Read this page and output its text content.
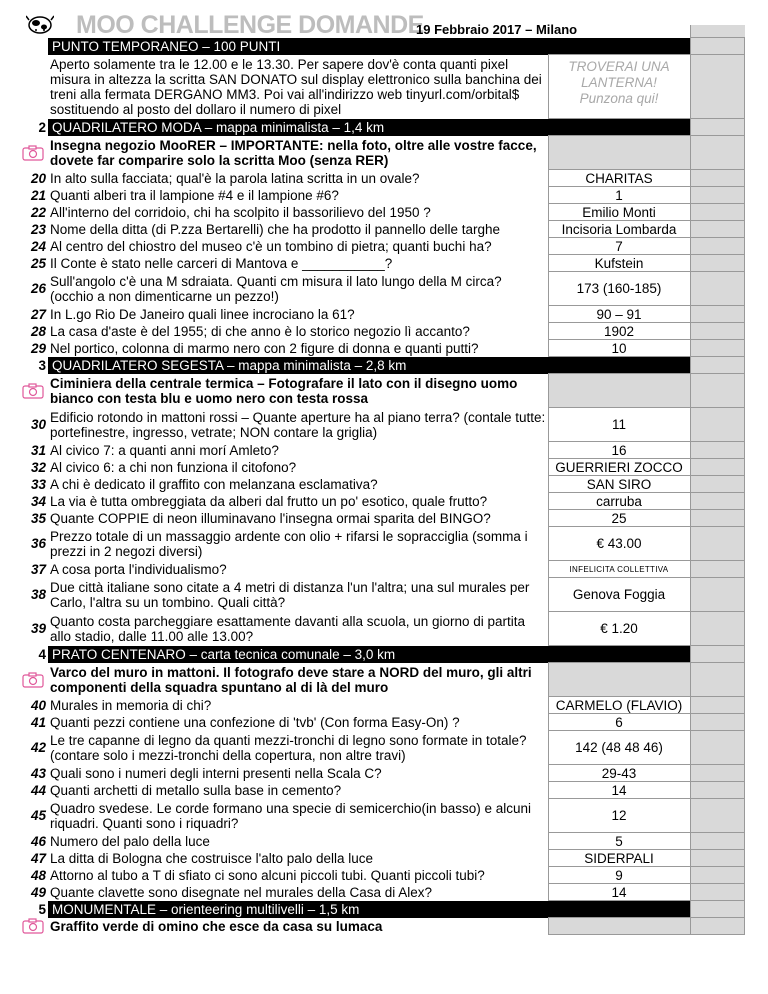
MOO CHALLENGE DOMANDE
19 Febbraio 2017 – Milano
	PUNTO TEMPORANEO – 100 PUNTI		
	Aperto solamente tra le 12.00 e le 13.30. Per sapere dov'è conta quanti pixel misura in altezza la scritta SAN DONATO sul display elettronico sulla banchina dei treni alla fermata DERGANO MM3. Poi vai all'indirizzo web tinyurl.com/orbital$ sostituendo al posto del dollaro il numero di pixel	TROVERAI UNA LANTERNA!
Punzona qui!	

2	QUADRILATERO MODA – mappa minimalista – 1,4 km		
	Insegna negozio MooRER – IMPORTANTE: nella foto, oltre alle vostre facce, dovete far comparire solo la scritta Moo (senza RER)		
20	In alto sulla facciata; qual'è la parola latina scritta in un ovale?	CHARITAS	
21	Quanti alberi tra il lampione #4 e il lampione #6?	1	
22	All'interno del corridoio, chi ha scolpito il bassorilievo del 1950 ?	Emilio Monti	
23	Nome della ditta (di P.zza Bertarelli) che ha prodotto il pannello delle targhe	Incisoria Lombarda	
24	Al centro del chiostro del museo c'è un tombino di pietra; quanti buchi ha?	7	
25	Il Conte è stato nelle carceri di Mantova e ___________?	Kufstein	
26	Sull'angolo c'è una M sdraiata. Quanti cm misura il lato lungo della M circa? (occhio a non dimenticarne un pezzo!)	173 (160-185)	
27	In L.go Rio De Janeiro quali linee incrociano la 61?	90 – 91	
28	La casa d'aste è del 1955; di che anno è lo storico negozio lì accanto?	1902	
29	Nel portico, colonna di marmo nero con 2 figure di donna e quanti putti?	10	
3	QUADRILATERO SEGESTA – mappa minimalista – 2,8 km		
	Ciminiera della centrale termica – Fotografare il lato con il disegno uomo bianco con testa blu e uomo nero con testa rossa		
30	Edificio rotondo in mattoni rossi – Quante aperture ha al piano terra? (contale tutte: portefinestre, ingresso, vetrate; NON contare la griglia)	11	
31	Al civico 7: a quanti anni morí Amleto?	16	
32	Al civico 6: a chi non funziona il citofono?	GUERRIERI ZOCCO	
33	A chi è dedicato il graffito con melanzana esclamativa?	SAN SIRO	
34	La via è tutta ombreggiata da alberi dal frutto un po' esotico, quale frutto?	carruba	
35	Quante COPPIE di neon illuminavano l'insegna ormai sparita del BINGO?	25	
36	Prezzo totale di un massaggio ardente con olio + rifarsi le sopracciglia (somma i prezzi in 2 negozi diversi)	€ 43.00	
37	A cosa porta l'individualismo?	INFELICITA COLLETTIVA	
38	Due città italiane sono citate a 4 metri di distanza l'un l'altra; una sul murales per Carlo, l'altra su un tombino. Quali città?	Genova Foggia	
39	Quanto costa parcheggiare esattamente davanti alla scuola, un giorno di partita allo stadio, dalle 11.00 alle 13.00?	€ 1.20	
4	PRATO CENTENARO – carta tecnica comunale – 3,0 km		
	Varco del muro in mattoni. Il fotografo deve stare a NORD del muro, gli altri componenti della squadra spuntano al di là del muro		
40	Murales in memoria di chi?	CARMELO (FLAVIO)	
41	Quanti pezzi contiene una confezione di 'tvb' (Con forma Easy-On) ?	6	
42	Le tre capanne di legno da quanti mezzi-tronchi di legno sono formate in totale? (contare solo i mezzi-tronchi della copertura, non altre travi)	142 (48 48 46)	
43	Quali sono i numeri degli interni presenti nella Scala C?	29-43	
44	Quanti archetti di metallo sulla base in cemento?	14	
45	Quadro svedese. Le corde formano una specie di semicerchio(in basso) e alcuni riquadri. Quanti sono i riquadri?	12	
46	Numero del palo della luce	5	
47	La ditta di Bologna che costruisce l'alto palo della luce	SIDERPALI	
48	Attorno al tubo a T di sfiato ci sono alcuni piccoli tubi. Quanti piccoli tubi?	9	
49	Quante clavette sono disegnate nel murales della Casa di Alex?	14	
5	MONUMENTALE – orienteering multilivelli – 1,5 km		
	Graffito verde di omino che esce da casa su lumaca		
